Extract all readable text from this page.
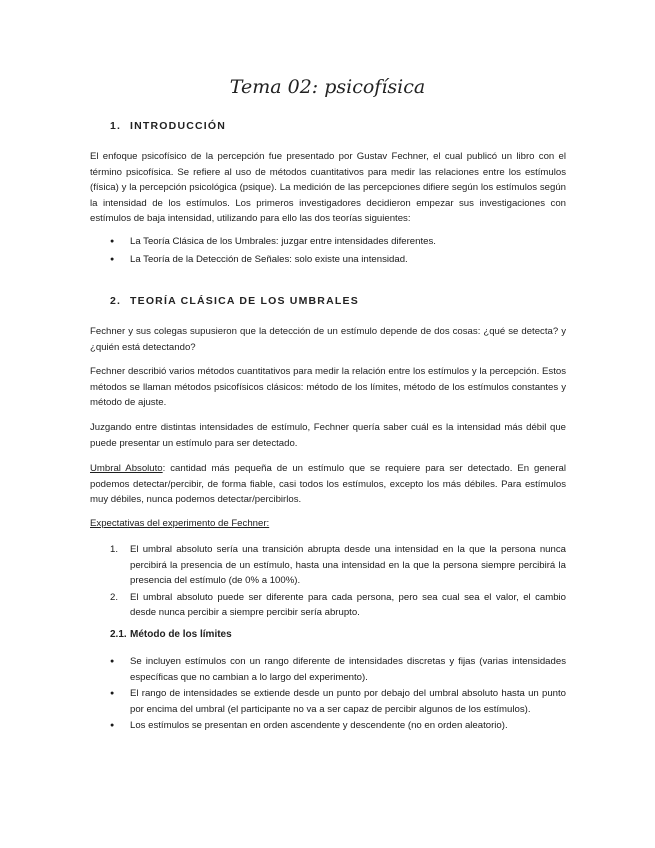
Tema 02: psicofísica
1. INTRODUCCIÓN
El enfoque psicofísico de la percepción fue presentado por Gustav Fechner, el cual publicó un libro con el término psicofísica. Se refiere al uso de métodos cuantitativos para medir las relaciones entre los estímulos (física) y la percepción psicológica (psique). La medición de las percepciones difiere según los estímulos según la intensidad de los estímulos. Los primeros investigadores decidieron empezar sus investigaciones con estímulos de baja intensidad, utilizando para ello las dos teorías siguientes:
● La Teoría Clásica de los Umbrales: juzgar entre intensidades diferentes.
● La Teoría de la Detección de Señales: solo existe una intensidad.
2. TEORÍA CLÁSICA DE LOS UMBRALES
Fechner y sus colegas supusieron que la detección de un estímulo depende de dos cosas: ¿qué se detecta? y ¿quién está detectando?
Fechner describió varios métodos cuantitativos para medir la relación entre los estímulos y la percepción. Estos métodos se llaman métodos psicofísicos clásicos: método de los límites, método de los estímulos constantes y método de ajuste.
Juzgando entre distintas intensidades de estímulo, Fechner quería saber cuál es la intensidad más débil que puede presentar un estímulo para ser detectado.
Umbral Absoluto: cantidad más pequeña de un estímulo que se requiere para ser detectado. En general podemos detectar/percibir, de forma fiable, casi todos los estímulos, excepto los más débiles. Para estímulos muy débiles, nunca podemos detectar/percibirlos.
Expectativas del experimento de Fechner:
1. El umbral absoluto sería una transición abrupta desde una intensidad en la que la persona nunca percibirá la presencia de un estímulo, hasta una intensidad en la que la persona siempre percibirá la presencia del estímulo (de 0% a 100%).
2. El umbral absoluto puede ser diferente para cada persona, pero sea cual sea el valor, el cambio desde nunca percibir a siempre percibir sería abrupto.
2.1. Método de los límites
● Se incluyen estímulos con un rango diferente de intensidades discretas y fijas (varias intensidades específicas que no cambian a lo largo del experimento).
● El rango de intensidades se extiende desde un punto por debajo del umbral absoluto hasta un punto por encima del umbral (el participante no va a ser capaz de percibir algunos de los estímulos).
● Los estímulos se presentan en orden ascendente y descendente (no en orden aleatorio).
